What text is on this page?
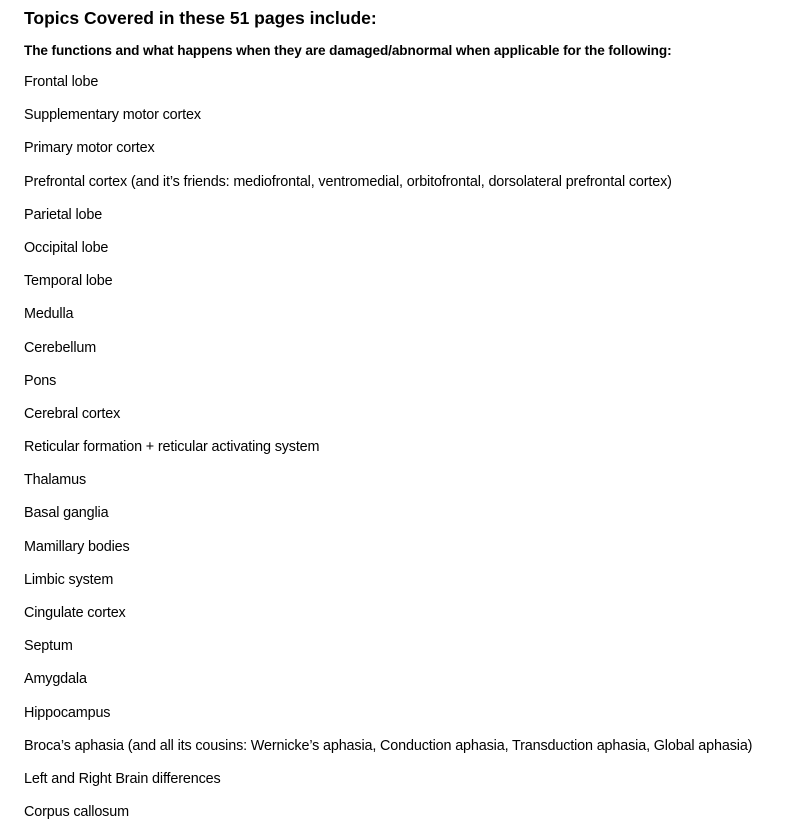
Topics Covered in these 51 pages include:

The functions and what happens when they are damaged/abnormal when applicable for the following:

Frontal lobe
Supplementary motor cortex
Primary motor cortex
Prefrontal cortex (and it’s friends: mediofrontal, ventromedial, orbitofrontal, dorsolateral prefrontal cortex)
Parietal lobe
Occipital lobe
Temporal lobe
Medulla
Cerebellum
Pons
Cerebral cortex
Reticular formation + reticular activating system
Thalamus
Basal ganglia
Mamillary bodies
Limbic system
Cingulate cortex
Septum
Amygdala
Hippocampus
Broca’s aphasia (and all its cousins: Wernicke’s aphasia, Conduction aphasia, Transduction aphasia, Global aphasia)
Left and Right Brain differences
Corpus callosum
